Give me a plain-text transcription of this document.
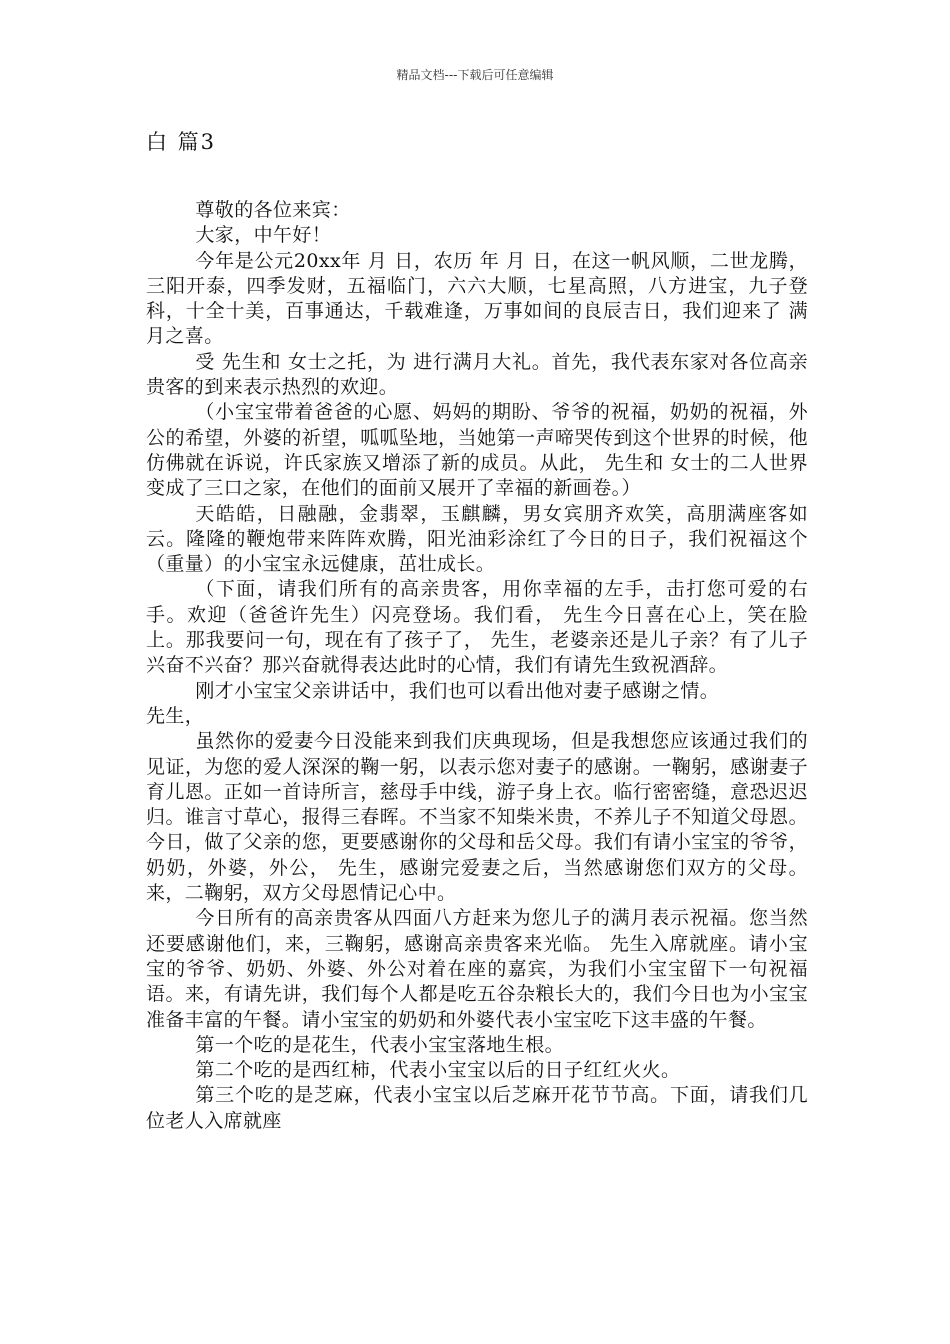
精品文档---下载后可任意编辑
白 篇3

尊敬的各位来宾：

大家，中午好！

今年是公元20xx年 月 日，农历 年 月 日，在这一帆风顺，二世龙腾，三阳开泰，四季发财，五福临门，六六大顺，七星高照，八方进宝，九子登科，十全十美，百事通达，千载难逢，万事如间的良辰吉日，我们迎来了 满月之喜。

受 先生和 女士之托，为 进行满月大礼。首先，我代表东家对各位高亲贵客的到来表示热烈的欢迎。

（小宝宝带着爸爸的心愿、妈妈的期盼、爷爷的祝福，奶奶的祝福，外公的希望，外婆的祈望，呱呱坠地，当她第一声啼哭传到这个世界的时候，他仿佛就在诉说，许氏家族又增添了新的成员。从此， 先生和 女士的二人世界变成了三口之家，在他们的面前又展开了幸福的新画卷。）

天皓皓，日融融，金翡翠，玉麒麟，男女宾朋齐欢笑，高朋满座客如云。隆隆的鞭炮带来阵阵欢腾，阳光油彩涂红了今日的日子，我们祝福这个（重量）的小宝宝永远健康，茁壮成长。

（下面，请我们所有的高亲贵客，用你幸福的左手，击打您可爱的右手。欢迎（爸爸许先生）闪亮登场。我们看， 先生今日喜在心上，笑在脸上。那我要问一句，现在有了孩子了， 先生，老婆亲还是儿子亲？有了儿子兴奋不兴奋？那兴奋就得表达此时的心情，我们有请先生致祝酒辞。

刚才小宝宝父亲讲话中，我们也可以看出他对妻子感谢之情。

先生，

虽然你的爱妻今日没能来到我们庆典现场，但是我想您应该通过我们的见证，为您的爱人深深的鞠一躬，以表示您对妻子的感谢。一鞠躬，感谢妻子育儿恩。正如一首诗所言，慈母手中线，游子身上衣。临行密密缝，意恐迟迟归。谁言寸草心，报得三春晖。不当家不知柴米贵，不养儿子不知道父母恩。今日，做了父亲的您，更要感谢你的父母和岳父母。我们有请小宝宝的爷爷，奶奶，外婆，外公， 先生，感谢完爱妻之后，当然感谢您们双方的父母。来，二鞠躬，双方父母恩情记心中。

今日所有的高亲贵客从四面八方赶来为您儿子的满月表示祝福。您当然还要感谢他们，来，三鞠躬，感谢高亲贵客来光临。 先生入席就座。请小宝宝的爷爷、奶奶、外婆、外公对着在座的嘉宾，为我们小宝宝留下一句祝福语。来，有请先讲，我们每个人都是吃五谷杂粮长大的，我们今日也为小宝宝准备丰富的午餐。请小宝宝的奶奶和外婆代表小宝宝吃下这丰盛的午餐。

第一个吃的是花生，代表小宝宝落地生根。

第二个吃的是西红柿，代表小宝宝以后的日子红红火火。

第三个吃的是芝麻，代表小宝宝以后芝麻开花节节高。下面，请我们几位老人入席就座
